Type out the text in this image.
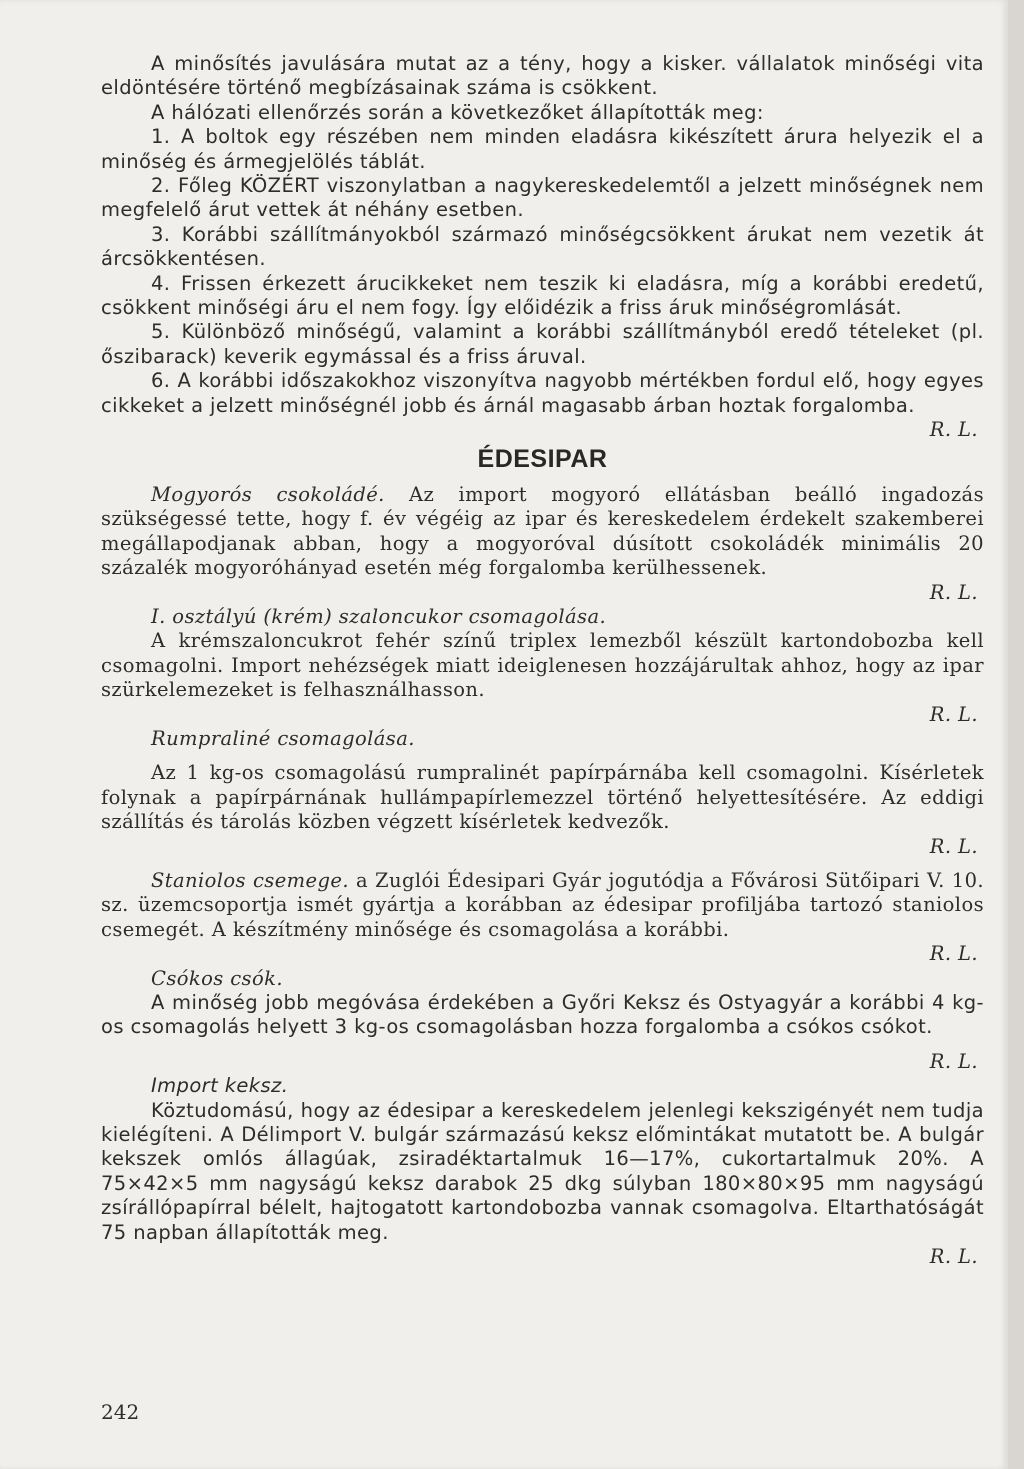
A minősítés javulására mutat az a tény, hogy a kisker. vállalatok minőségi vita eldöntésére történő megbízásainak száma is csökkent.

A hálózati ellenőrzés során a következőket állapították meg:

1. A boltok egy részében nem minden eladásra kikészített árura helyezik el a minőség és ármegjelölés táblát.

2. Főleg KÖZÉRT viszonylatban a nagykereskedelemtől a jelzett minőségnek nem megfelelő árut vettek át néhány esetben.

3. Korábbi szállítmányokból származó minőségcsökkent árukat nem vezetik át árcsökkentésen.

4. Frissen érkezett árucikkeket nem teszik ki eladásra, míg a korábbi eredetű, csökkent minőségi áru el nem fogy. Így előidézik a friss áruk minőségromlását.

5. Különböző minőségű, valamint a korábbi szállítmányból eredő tételeket (pl. őszibarack) keverik egymással és a friss áruval.

6. A korábbi időszakokhoz viszonyítva nagyobb mértékben fordul elő, hogy egyes cikkeket a jelzett minőségnél jobb és árnál magasabb árban hoztak forgalomba.

R. L.

ÉDESIPAR

Mogyorós csokoládé. Az import mogyoró ellátásban beálló ingadozás szükségessé tette, hogy f. év végéig az ipar és kereskedelem érdekelt szakemberei megállapodjanak abban, hogy a mogyoróval dúsított csokoládék minimális 20 százalék mogyoróhányad esetén még forgalomba kerülhessenek.

R. L.

I. osztályú (krém) szaloncukor csomagolása.

A krémszaloncukrot fehér színű triplex lemezből készült kartondobozba kell csomagolni. Import nehézségek miatt ideiglenesen hozzájárultak ahhoz, hogy az ipar szürkelemezeket is felhasználhasson.

R. L.

Rumpraliné csomagolása.

Az 1 kg-os csomagolású rumpralinét papírpárnába kell csomagolni. Kísérletek folynak a papírpárnának hullámpapírlemezzel történő helyettesítésére. Az eddigi szállítás és tárolás közben végzett kísérletek kedvezők.

R. L.

Staniolos csemege. a Zuglói Édesipari Gyár jogutódja a Fővárosi Sütőipari V. 10. sz. üzemcsoportja ismét gyártja a korábban az édesipar profiljába tartozó staniolos csemegét. A készítmény minősége és csomagolása a korábbi.

R. L.

Csókos csók.

A minőség jobb megóvása érdekében a Győri Keksz és Ostyagyár a korábbi 4 kg-os csomagolás helyett 3 kg-os csomagolásban hozza forgalomba a csókos csókot.

R. L.

Import keksz.

Köztudomású, hogy az édesipar a kereskedelem jelenlegi kekszigényét nem tudja kielégíteni. A Délimport V. bulgár származású keksz előmintákat mutatott be. A bulgár kekszek omlós állagúak, zsiradéktartalmuk 16—17%, cukortartalmuk 20%. A 75×42×5 mm nagyságú keksz darabok 25 dkg súlyban 180×80×95 mm nagyságú zsírállópapírral bélelt, hajtogatott kartondobozba vannak csomagolva. Eltarthatóságát 75 napban állapították meg.

R. L.

242
